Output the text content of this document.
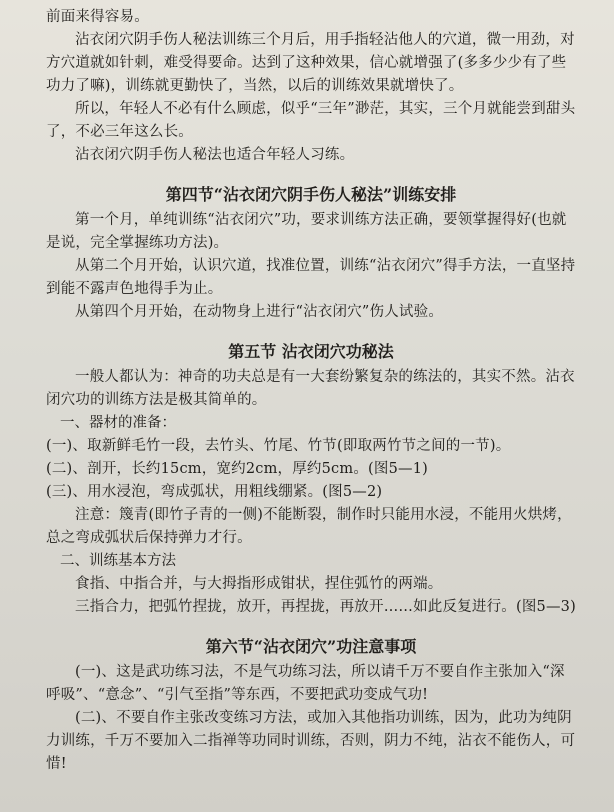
前面来得容易。

沾衣闭穴阴手伤人秘法训练三个月后，用手指轻沾他人的穴道，微一用劲，对方穴道就如针刺，难受得要命。达到了这种效果，信心就增强了(多多少少有了些功力了嘛)，训练就更勤快了，当然，以后的训练效果就增快了。

所以，年轻人不必有什么顾虑，似乎“三年”渺茫，其实，三个月就能尝到甜头了，不必三年这么长。

沾衣闭穴阴手伤人秘法也适合年轻人习练。

第四节“沾衣闭穴阴手伤人秘法”训练安排

第一个月，单纯训练“沾衣闭穴”功，要求训练方法正确，要领掌握得好(也就是说，完全掌握练功方法)。

从第二个月开始，认识穴道，找准位置，训练“沾衣闭穴”得手方法，一直坚持到能不露声色地得手为止。

从第四个月开始，在动物身上进行“沾衣闭穴”伤人试验。

第五节 沾衣闭穴功秘法

一般人都认为：神奇的功夫总是有一大套纷繁复杂的练法的，其实不然。沾衣闭穴功的训练方法是极其简单的。

一、器材的准备：

(一)、取新鲜毛竹一段，去竹头、竹尾、竹节(即取两竹节之间的一节)。

(二)、剖开，长约15cm，宽约2cm，厚约5cm。(图5—1)

(三)、用水浸泡，弯成弧状，用粗线绷紧。(图5—2)

注意：篾青(即竹子青的一侧)不能断裂，制作时只能用水浸，不能用火烘烤，总之弯成弧状后保持弹力才行。

二、训练基本方法

食指、中指合并，与大拇指形成钳状，捏住弧竹的两端。

三指合力，把弧竹捏拢，放开，再捏拢，再放开……如此反复进行。(图5—3)

第六节“沾衣闭穴”功注意事项

(一)、这是武功练习法，不是气功练习法，所以请千万不要自作主张加入“深呼吸”、“意念”、“引气至指”等东西，不要把武功变成气功!

(二)、不要自作主张改变练习方法，或加入其他指功训练，因为，此功为纯阴力训练，千万不要加入二指禅等功同时训练，否则，阴力不纯，沾衣不能伤人，可惜!
